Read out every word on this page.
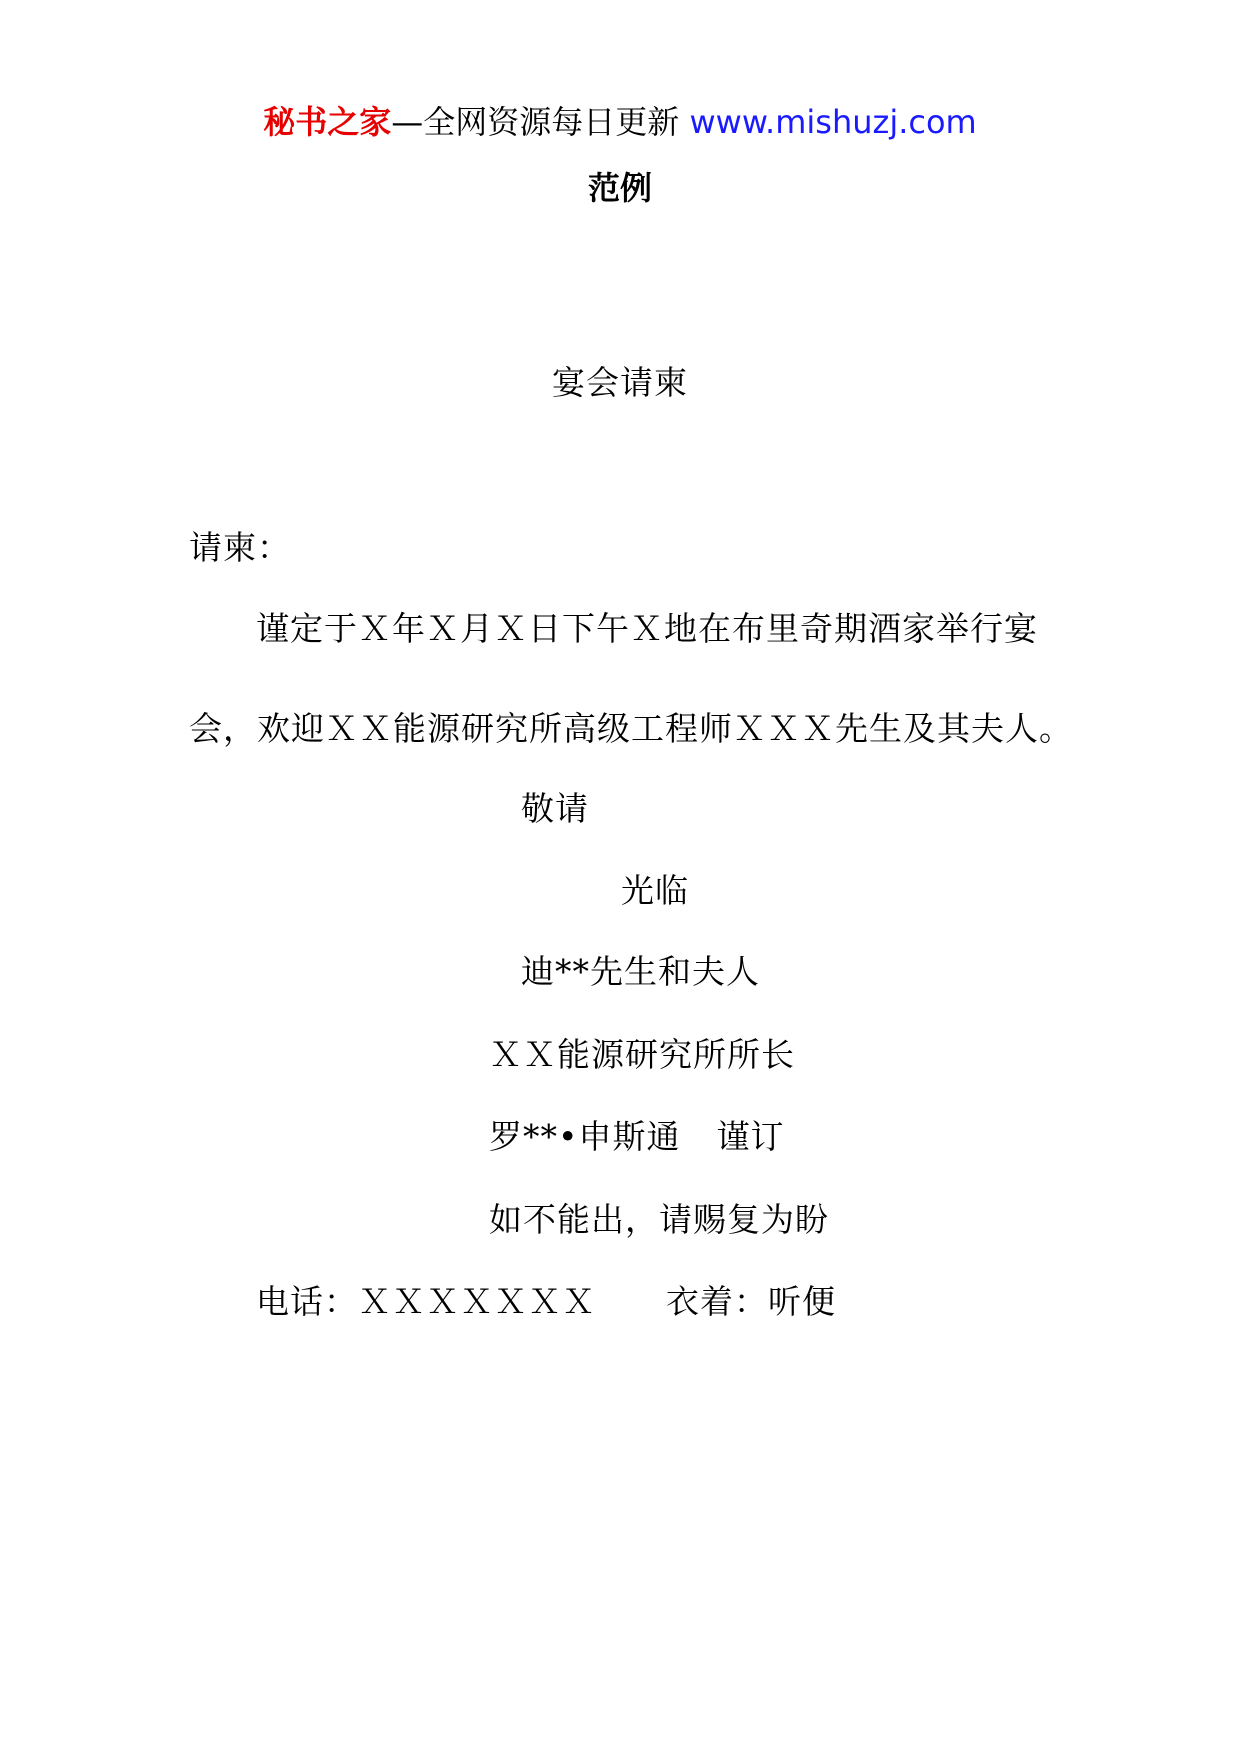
秘书之家—全网资源每日更新 www.mishuzj.com
范例
宴会请柬
请柬：
谨定于Ｘ年Ｘ月Ｘ日下午Ｘ地在布里奇期酒家举行宴
会，欢迎ＸＸ能源研究所高级工程师ＸＸＸ先生及其夫人。
敬请
光临
迪**先生和夫人
ＸＸ能源研究所所长
罗**•申斯通 谨订
如不能出，请赐复为盼
电话：ＸＸＸＸＸＸＸ 衣着：听便
